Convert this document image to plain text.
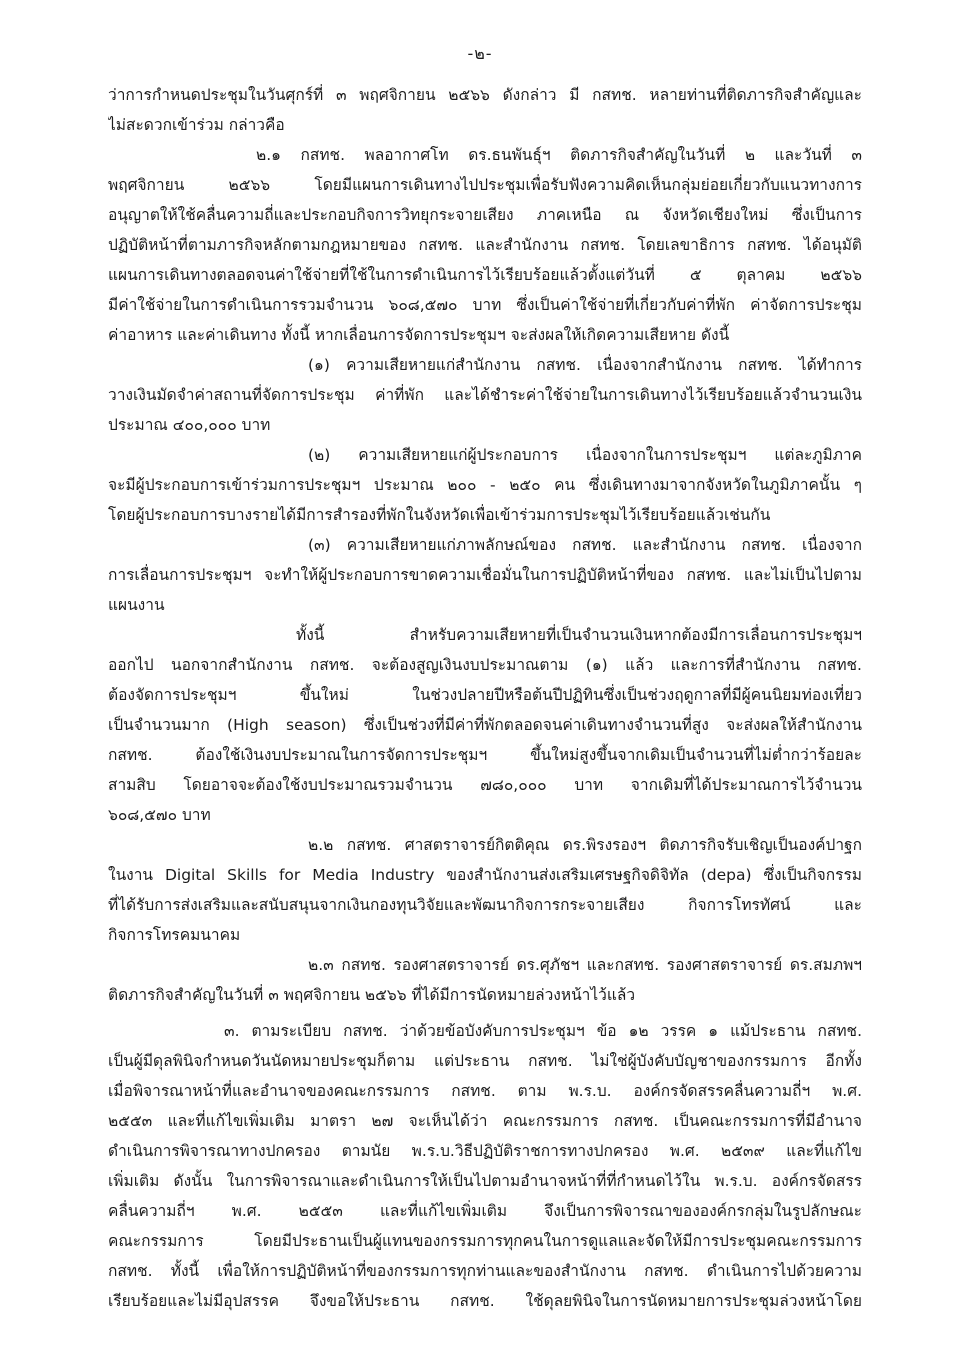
-๒-
ว่าการกำหนดประชุมในวันศุกร์ที่ ๓ พฤศจิกายน ๒๕๖๖ ดังกล่าว มี กสทช. หลายท่านที่ติดภารกิจสำคัญและ
ไม่สะดวกเข้าร่วม กล่าวคือ
๒.๑ กสทช. พลอากาศโท ดร.ธนพันธุ์ฯ ติดภารกิจสำคัญในวันที่ ๒ และวันที่ ๓
พฤศจิกายน ๒๕๖๖ โดยมีแผนการเดินทางไปประชุมเพื่อรับฟังความคิดเห็นกลุ่มย่อยเกี่ยวกับแนวทางการ
อนุญาตให้ใช้คลื่นความถี่และประกอบกิจการวิทยุกระจายเสียง ภาคเหนือ ณ จังหวัดเชียงใหม่ ซึ่งเป็นการ
ปฏิบัติหน้าที่ตามภารกิจหลักตามกฎหมายของ กสทช. และสำนักงาน กสทช. โดยเลขาธิการ กสทช. ได้อนุมัติ
แผนการเดินทางตลอดจนค่าใช้จ่ายที่ใช้ในการดำเนินการไว้เรียบร้อยแล้วตั้งแต่วันที่ ๕ ตุลาคม ๒๕๖๖
มีค่าใช้จ่ายในการดำเนินการรวมจำนวน ๖๐๘,๕๗๐ บาท ซึ่งเป็นค่าใช้จ่ายที่เกี่ยวกับค่าที่พัก ค่าจัดการประชุม
ค่าอาหาร และค่าเดินทาง ทั้งนี้ หากเลื่อนการจัดการประชุมฯ จะส่งผลให้เกิดความเสียหาย ดังนี้
(๑) ความเสียหายแก่สำนักงาน กสทช. เนื่องจากสำนักงาน กสทช. ได้ทำการ
วางเงินมัดจำค่าสถานที่จัดการประชุม ค่าที่พัก และได้ชำระค่าใช้จ่ายในการเดินทางไว้เรียบร้อยแล้วจำนวนเงิน
ประมาณ ๔๐๐,๐๐๐ บาท
(๒) ความเสียหายแก่ผู้ประกอบการ เนื่องจากในการประชุมฯ แต่ละภูมิภาค
จะมีผู้ประกอบการเข้าร่วมการประชุมฯ ประมาณ ๒๐๐ - ๒๕๐ คน ซึ่งเดินทางมาจากจังหวัดในภูมิภาคนั้น ๆ
โดยผู้ประกอบการบางรายได้มีการสำรองที่พักในจังหวัดเพื่อเข้าร่วมการประชุมไว้เรียบร้อยแล้วเช่นกัน
(๓) ความเสียหายแก่ภาพลักษณ์ของ กสทช. และสำนักงาน กสทช. เนื่องจาก
การเลื่อนการประชุมฯ จะทำให้ผู้ประกอบการขาดความเชื่อมั่นในการปฏิบัติหน้าที่ของ กสทช. และไม่เป็นไปตาม
แผนงาน
ทั้งนี้ สำหรับความเสียหายที่เป็นจำนวนเงินหากต้องมีการเลื่อนการประชุมฯ
ออกไป นอกจากสำนักงาน กสทช. จะต้องสูญเงินงบประมาณตาม (๑) แล้ว และการที่สำนักงาน กสทช.
ต้องจัดการประชุมฯ ขึ้นใหม่ ในช่วงปลายปีหรือต้นปีปฏิทินซึ่งเป็นช่วงฤดูกาลที่มีผู้คนนิยมท่องเที่ยว
เป็นจำนวนมาก (High season) ซึ่งเป็นช่วงที่มีค่าที่พักตลอดจนค่าเดินทางจำนวนที่สูง จะส่งผลให้สำนักงาน
กสทช. ต้องใช้เงินงบประมาณในการจัดการประชุมฯ ขึ้นใหม่สูงขึ้นจากเดิมเป็นจำนวนที่ไม่ต่ำกว่าร้อยละ
สามสิบ โดยอาจจะต้องใช้งบประมาณรวมจำนวน ๗๘๐,๐๐๐ บาท จากเดิมที่ได้ประมาณการไว้จำนวน
๖๐๘,๕๗๐ บาท
๒.๒ กสทช. ศาสตราจารย์กิตติคุณ ดร.พิรงรองฯ ติดภารกิจรับเชิญเป็นองค์ปาฐก
ในงาน Digital Skills for Media Industry ของสำนักงานส่งเสริมเศรษฐกิจดิจิทัล (depa) ซึ่งเป็นกิจกรรม
ที่ได้รับการส่งเสริมและสนับสนุนจากเงินกองทุนวิจัยและพัฒนากิจการกระจายเสียง กิจการโทรทัศน์ และ
กิจการโทรคมนาคม
๒.๓ กสทช. รองศาสตราจารย์ ดร.ศุภัชฯ และกสทช. รองศาสตราจารย์ ดร.สมภพฯ
ติดภารกิจสำคัญในวันที่ ๓ พฤศจิกายน ๒๕๖๖ ที่ได้มีการนัดหมายล่วงหน้าไว้แล้ว
๓. ตามระเบียบ กสทช. ว่าด้วยข้อบังคับการประชุมฯ ข้อ ๑๒ วรรค ๑ แม้ประธาน กสทช.
เป็นผู้มีดุลพินิจกำหนดวันนัดหมายประชุมก็ตาม แต่ประธาน กสทช. ไม่ใช่ผู้บังคับบัญชาของกรรมการ อีกทั้ง
เมื่อพิจารณาหน้าที่และอำนาจของคณะกรรมการ กสทช. ตาม พ.ร.บ. องค์กรจัดสรรคลื่นความถี่ฯ พ.ศ.
๒๕๕๓ และที่แก้ไขเพิ่มเติม มาตรา ๒๗ จะเห็นได้ว่า คณะกรรมการ กสทช. เป็นคณะกรรมการที่มีอำนาจ
ดำเนินการพิจารณาทางปกครอง ตามนัย พ.ร.บ.วิธีปฏิบัติราชการทางปกครอง พ.ศ. ๒๕๓๙ และที่แก้ไข
เพิ่มเติม ดังนั้น ในการพิจารณาและดำเนินการให้เป็นไปตามอำนาจหน้าที่ที่กำหนดไว้ใน พ.ร.บ. องค์กรจัดสรร
คลื่นความถี่ฯ พ.ศ. ๒๕๕๓ และที่แก้ไขเพิ่มเติม จึงเป็นการพิจารณาขององค์กรกลุ่มในรูปลักษณะ
คณะกรรมการ โดยมีประธานเป็นผู้แทนของกรรมการทุกคนในการดูแลและจัดให้มีการประชุมคณะกรรมการ
กสทช. ทั้งนี้ เพื่อให้การปฏิบัติหน้าที่ของกรรมการทุกท่านและของสำนักงาน กสทช. ดำเนินการไปด้วยความ
เรียบร้อยและไม่มีอุปสรรค จึงขอให้ประธาน กสทช. ใช้ดุลยพินิจในการนัดหมายการประชุมล่วงหน้าโดย
